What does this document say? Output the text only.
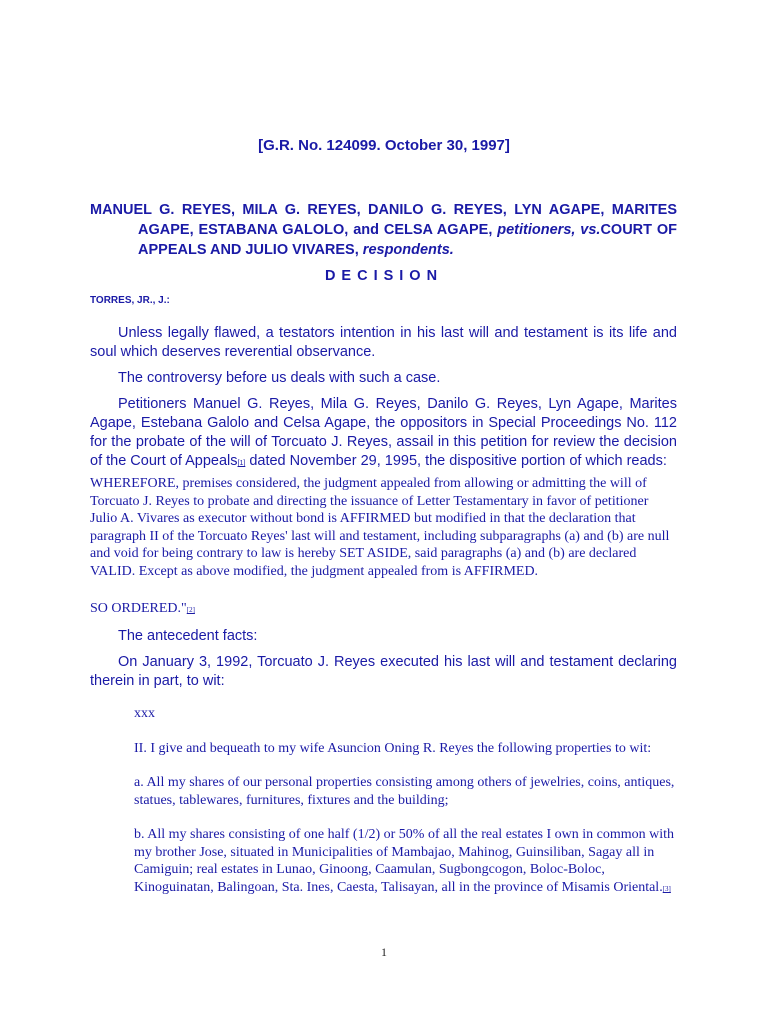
[G.R. No. 124099. October 30, 1997]
MANUEL G. REYES, MILA G. REYES, DANILO G. REYES, LYN AGAPE, MARITES AGAPE, ESTABANA GALOLO, and CELSA AGAPE, petitioners, vs.COURT OF APPEALS AND JULIO VIVARES, respondents.
DECISION
TORRES, JR., J.:

Unless legally flawed, a testators intention in his last will and testament is its life and soul which deserves reverential observance.

The controversy before us deals with such a case.

Petitioners Manuel G. Reyes, Mila G. Reyes, Danilo G. Reyes, Lyn Agape, Marites Agape, Estebana Galolo and Celsa Agape, the oppositors in Special Proceedings No. 112 for the probate of the will of Torcuato J. Reyes, assail in this petition for review the decision of the Court of Appeals[1] dated November 29, 1995, the dispositive portion of which reads:

WHEREFORE, premises considered, the judgment appealed from allowing or admitting the will of Torcuato J. Reyes to probate and directing the issuance of Letter Testamentary in favor of petitioner Julio A. Vivares as executor without bond is AFFIRMED but modified in that the declaration that paragraph II of the Torcuato Reyes' last will and testament, including subparagraphs (a) and (b) are null and void for being contrary to law is hereby SET ASIDE, said paragraphs (a) and (b) are declared VALID. Except as above modified, the judgment appealed from is AFFIRMED.

SO ORDERED."[2]

The antecedent facts:

On January 3, 1992, Torcuato J. Reyes executed his last will and testament declaring therein in part, to wit:

xxx

II. I give and bequeath to my wife Asuncion Oning R. Reyes the following properties to wit:

a. All my shares of our personal properties consisting among others of jewelries, coins, antiques, statues, tablewares, furnitures, fixtures and the building;

b. All my shares consisting of one half (1/2) or 50% of all the real estates I own in common with my brother Jose, situated in Municipalities of Mambajao, Mahinog, Guinsiliban, Sagay all in Camiguin; real estates in Lunao, Ginoong, Caamulan, Sugbongcogon, Boloc-Boloc, Kinoguinatan, Balingoan, Sta. Ines, Caesta, Talisayan, all in the province of Misamis Oriental.[3]

1
